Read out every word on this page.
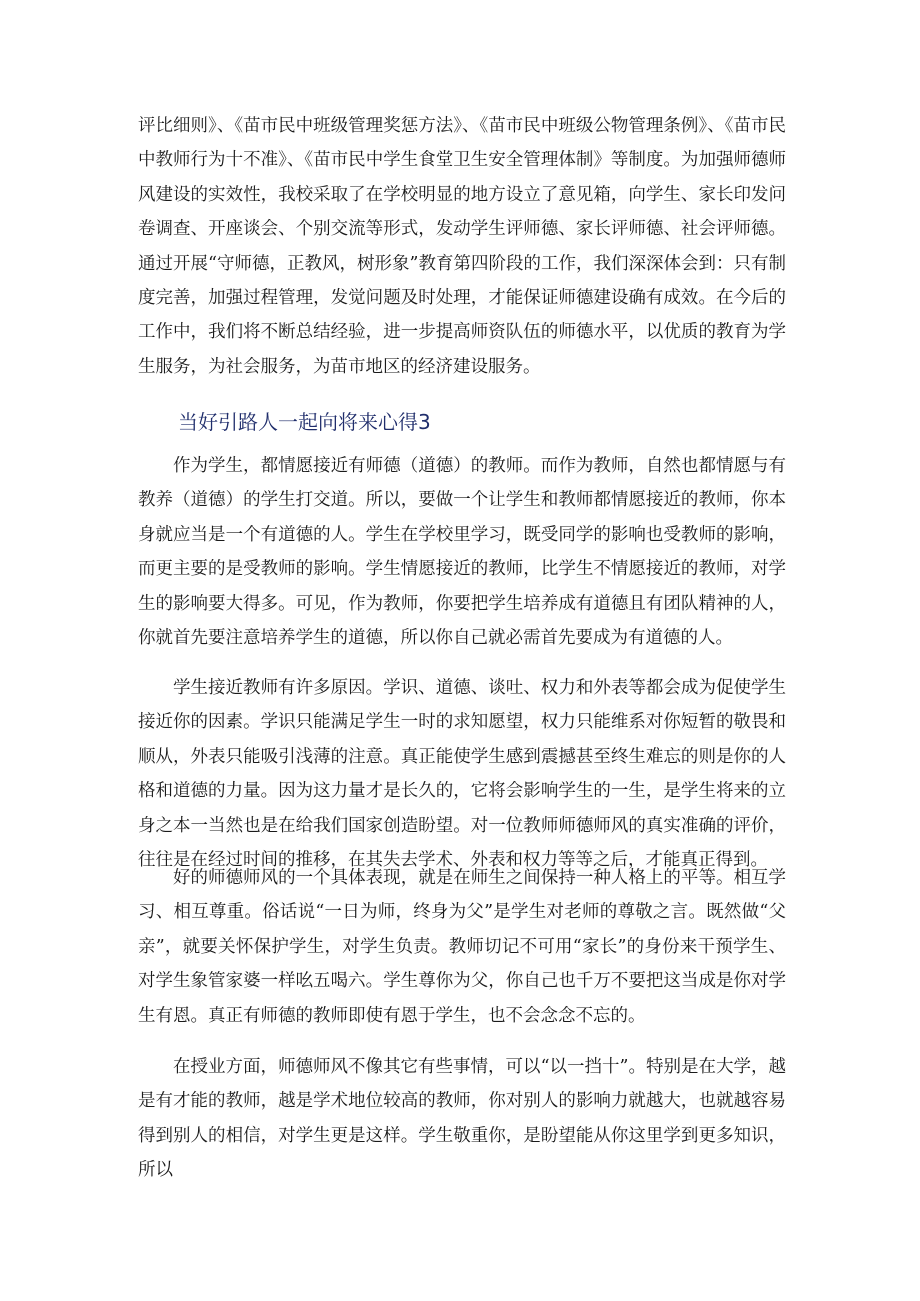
评比细则》、《苗市民中班级管理奖惩方法》、《苗市民中班级公物管理条例》、《苗市民中教师行为十不准》、《苗市民中学生食堂卫生安全管理体制》等制度。为加强师德师风建设的实效性，我校采取了在学校明显的地方设立了意见箱，向学生、家长印发问卷调查、开座谈会、个别交流等形式，发动学生评师德、家长评师德、社会评师德。通过开展“守师德，正教风，树形象”教育第四阶段的工作，我们深深体会到：只有制度完善，加强过程管理，发觉问题及时处理，才能保证师德建设确有成效。在今后的工作中，我们将不断总结经验，进一步提高师资队伍的师德水平，以优质的教育为学生服务，为社会服务，为苗市地区的经济建设服务。

当好引路人一起向将来心得3

作为学生，都情愿接近有师德（道德）的教师。而作为教师，自然也都情愿与有教养（道德）的学生打交道。所以，要做一个让学生和教师都情愿接近的教师，你本身就应当是一个有道德的人。学生在学校里学习，既受同学的影响也受教师的影响，而更主要的是受教师的影响。学生情愿接近的教师，比学生不情愿接近的教师，对学生的影响要大得多。可见，作为教师，你要把学生培养成有道德且有团队精神的人，你就首先要注意培养学生的道德，所以你自己就必需首先要成为有道德的人。

学生接近教师有许多原因。学识、道德、谈吐、权力和外表等都会成为促使学生接近你的因素。学识只能满足学生一时的求知愿望，权力只能维系对你短暂的敬畏和顺从，外表只能吸引浅薄的注意。真正能使学生感到震撼甚至终生难忘的则是你的人格和道德的力量。因为这力量才是长久的，它将会影响学生的一生，是学生将来的立身之本一当然也是在给我们国家创造盼望。对一位教师师德师风的真实准确的评价，往往是在经过时间的推移，在其失去学术、外表和权力等等之后，才能真正得到。

好的师德师风的一个具体表现，就是在师生之间保持一种人格上的平等。相互学习、相互尊重。俗话说“一日为师，终身为父”是学生对老师的尊敬之言。既然做“父亲”，就要关怀保护学生，对学生负责。教师切记不可用“家长”的身份来干预学生、对学生象管家婆一样吆五喝六。学生尊你为父，你自己也千万不要把这当成是你对学生有恩。真正有师德的教师即使有恩于学生，也不会念念不忘的。

在授业方面，师德师风不像其它有些事情，可以“以一挡十”。特别是在大学，越是有才能的教师，越是学术地位较高的教师，你对别人的影响力就越大，也就越容易得到别人的相信，对学生更是这样。学生敬重你，是盼望能从你这里学到更多知识，所以
